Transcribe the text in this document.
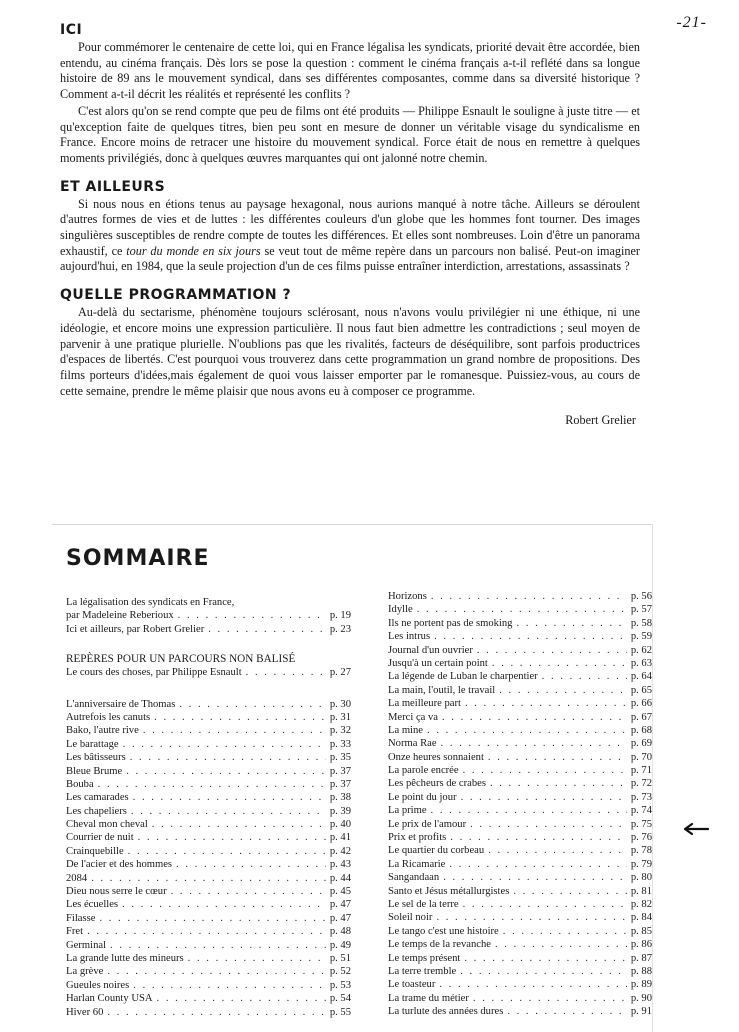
-21-
ICI

Pour commémorer le centenaire de cette loi, qui en France légalisa les syndicats, priorité devait être accordée, bien entendu, au cinéma français. Dès lors se pose la question : comment le cinéma français a-t-il reflété dans sa longue histoire de 89 ans le mouvement syndical, dans ses différentes composantes, comme dans sa diversité historique ? Comment a-t-il décrit les réalités et représenté les conflits ?

C'est alors qu'on se rend compte que peu de films ont été produits — Philippe Esnault le souligne à juste titre — et qu'exception faite de quelques titres, bien peu sont en mesure de donner un véritable visage du syndicalisme en France. Encore moins de retracer une histoire du mouvement syndical. Force était de nous en remettre à quelques moments privilégiés, donc à quelques œuvres marquantes qui ont jalonné notre chemin.

ET AILLEURS

Si nous nous en étions tenus au paysage hexagonal, nous aurions manqué à notre tâche. Ailleurs se déroulent d'autres formes de vies et de luttes : les différentes couleurs d'un globe que les hommes font tourner. Des images singulières susceptibles de rendre compte de toutes les différences. Et elles sont nombreuses. Loin d'être un panorama exhaustif, ce tour du monde en six jours se veut tout de même repère dans un parcours non balisé. Peut-on imaginer aujourd'hui, en 1984, que la seule projection d'un de ces films puisse entraîner interdiction, arrestations, assassinats ?

QUELLE PROGRAMMATION ?

Au-delà du sectarisme, phénomène toujours sclérosant, nous n'avons voulu privilégier ni une éthique, ni une idéologie, et encore moins une expression particulière. Il nous faut bien admettre les contradictions ; seul moyen de parvenir à une pratique plurielle. N'oublions pas que les rivalités, facteurs de déséquilibre, sont parfois productrices d'espaces de libertés. C'est pourquoi vous trouverez dans cette programmation un grand nombre de propositions. Des films porteurs d'idées,mais également de quoi vous laisser emporter par le romanesque. Puissiez-vous, au cours de cette semaine, prendre le même plaisir que nous avons eu à composer ce programme.

Robert Grelier
SOMMAIRE
La légalisation des syndicats en France,
par Madeleine Reberioux . . .	p. 19
Ici et ailleurs, par Robert Grelier . . .	p. 23
REPÈRES POUR UN PARCOURS NON BALISÉ
Le cours des choses, par Philippe Esnault . . .	p. 27
L'anniversaire de Thomas . . .	p. 30
Autrefois les canuts . . .	p. 31
Bako, l'autre rive . . .	p. 32
Le barattage . . .	p. 33
Les bâtisseurs . . .	p. 35
Bleue Brume . . .	p. 37
Bouba . . .	p. 37
Les camarades . . .	p. 38
Les chapeliers . . .	p. 39
Cheval mon cheval . . .	p. 40
Courrier de nuit . . .	p. 41
Crainquebille . . .	p. 42
De l'acier et des hommes . . .	p. 43
2084 . . .	p. 44
Dieu nous serre le cœur . . .	p. 45
Les écuelles . . .	p. 47
Filasse . . .	p. 47
Fret . . .	p. 48
Germinal . . .	p. 49
La grande lutte des mineurs . . .	p. 51
La grève . . .	p. 52
Gueules noires . . .	p. 53
Harlan County USA . . .	p. 54
Hiver 60 . . .	p. 55
Horizons . . .	p. 56
Idylle . . .	p. 57
Ils ne portent pas de smoking . . .	p. 58
Les intrus . . .	p. 59
Journal d'un ouvrier . . .	p. 62
Jusqu'à un certain point . . .	p. 63
La légende de Luban le charpentier . . .	p. 64
La main, l'outil, le travail . . .	p. 65
La meilleure part . . .	p. 66
Merci ça va . . .	p. 67
La mine . . .	p. 68
Norma Rae . . .	p. 69
Onze heures sonnaient . . .	p. 70
La parole encrée . . .	p. 71
Les pêcheurs de crabes . . .	p. 72
Le point du jour . . .	p. 73
La prime . . .	p. 74
Le prix de l'amour . . .	p. 75
Prix et profits . . .	p. 76
Le quartier du corbeau . . .	p. 78
La Ricamarie . . .	p. 79
Sangandaan . . .	p. 80
Santo et Jésus métallurgistes . . .	p. 81
Le sel de la terre . . .	p. 82
Soleil noir . . .	p. 84
Le tango c'est une histoire . . .	p. 85
Le temps de la revanche . . .	p. 86
Le temps présent . . .	p. 87
La terre tremble . . .	p. 88
Le toasteur . . .	p. 89
La trame du métier . . .	p. 90
La turlute des années dures . . .	p. 91
